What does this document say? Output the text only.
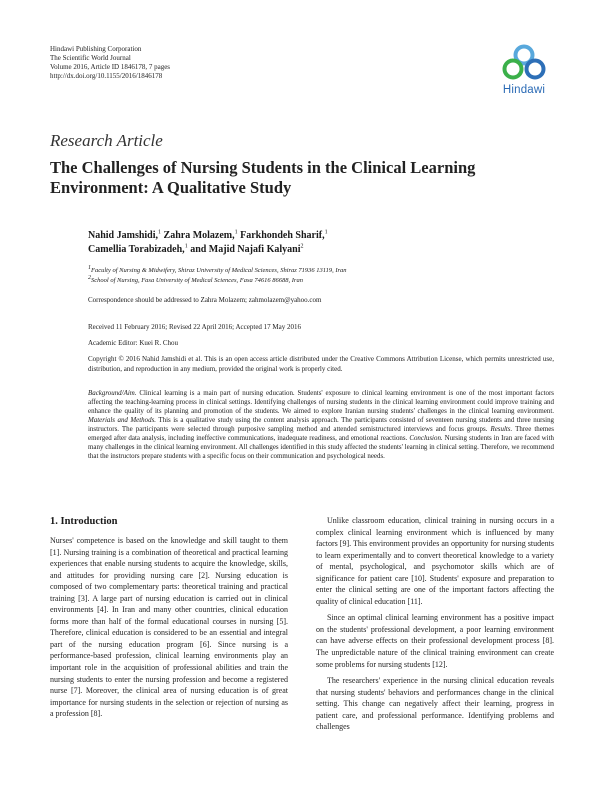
Hindawi Publishing Corporation
The Scientific World Journal
Volume 2016, Article ID 1846178, 7 pages
http://dx.doi.org/10.1155/2016/1846178
Hindawi
Research Article
The Challenges of Nursing Students in the Clinical Learning Environment: A Qualitative Study
Nahid Jamshidi,$^1$ Zahra Molazem,$^1$ Farkhondeh Sharif,$^1$
Camellia Torabizadeh,$^1$ and Majid Najafi Kalyani$^2$
$^1$Faculty of Nursing & Midwifery, Shiraz University of Medical Sciences, Shiraz 71936 13119, Iran
$^2$School of Nursing, Fasa University of Medical Sciences, Fasa 74616 86688, Iran
Correspondence should be addressed to Zahra Molazem; zahmolazem@yahoo.com
Received 11 February 2016; Revised 22 April 2016; Accepted 17 May 2016
Academic Editor: Kuei R. Chou
Copyright © 2016 Nahid Jamshidi et al. This is an open access article distributed under the Creative Commons Attribution License, which permits unrestricted use, distribution, and reproduction in any medium, provided the original work is properly cited.
Background/Aim. Clinical learning is a main part of nursing education. Students' exposure to clinical learning environment is one of the most important factors affecting the teaching-learning process in clinical settings. Identifying challenges of nursing students in the clinical learning environment could improve training and enhance the quality of its planning and promotion of the students. We aimed to explore Iranian nursing students' challenges in the clinical learning environment. Materials and Methods. This is a qualitative study using the content analysis approach. The participants consisted of seventeen nursing students and three nursing instructors. The participants were selected through purposive sampling method and attended semistructured interviews and focus groups. Results. Three themes emerged after data analysis, including ineffective communications, inadequate readiness, and emotional reactions. Conclusion. Nursing students in Iran are faced with many challenges in the clinical learning environment. All challenges identified in this study affected the students' learning in clinical setting. Therefore, we recommend that the instructors prepare students with a specific focus on their communication and psychological needs.
1. Introduction

Nurses' competence is based on the knowledge and skill taught to them [1]. Nursing training is a combination of theoretical and practical learning experiences that enable nursing students to acquire the knowledge, skills, and attitudes for providing nursing care [2]. Nursing education is composed of two complementary parts: theoretical training and practical training [3]. A large part of nursing education is carried out in clinical environments [4]. In Iran and many other countries, clinical education forms more than half of the formal educational courses in nursing [5]. Therefore, clinical education is considered to be an essential and integral part of the nursing education program [6]. Since nursing is a performance-based profession, clinical learning environments play an important role in the acquisition of professional abilities and train the nursing students to enter the nursing profession and become a registered nurse [7]. Moreover, the clinical area of nursing education is of great importance for nursing students in the selection or rejection of nursing as a profession [8].

Unlike classroom education, clinical training in nursing occurs in a complex clinical learning environment which is influenced by many factors [9]. This environment provides an opportunity for nursing students to learn experimentally and to convert theoretical knowledge to a variety of mental, psychological, and psychomotor skills which are of significance for patient care [10]. Students' exposure and preparation to enter the clinical setting are one of the important factors affecting the quality of clinical education [11].

Since an optimal clinical learning environment has a positive impact on the students' professional development, a poor learning environment can have adverse effects on their professional development process [8]. The unpredictable nature of the clinical training environment can create some problems for nursing students [12].

The researchers' experience in the nursing clinical education reveals that nursing students' behaviors and performances change in the clinical setting. This change can negatively affect their learning, progress in patient care, and professional performance. Identifying problems and challenges
